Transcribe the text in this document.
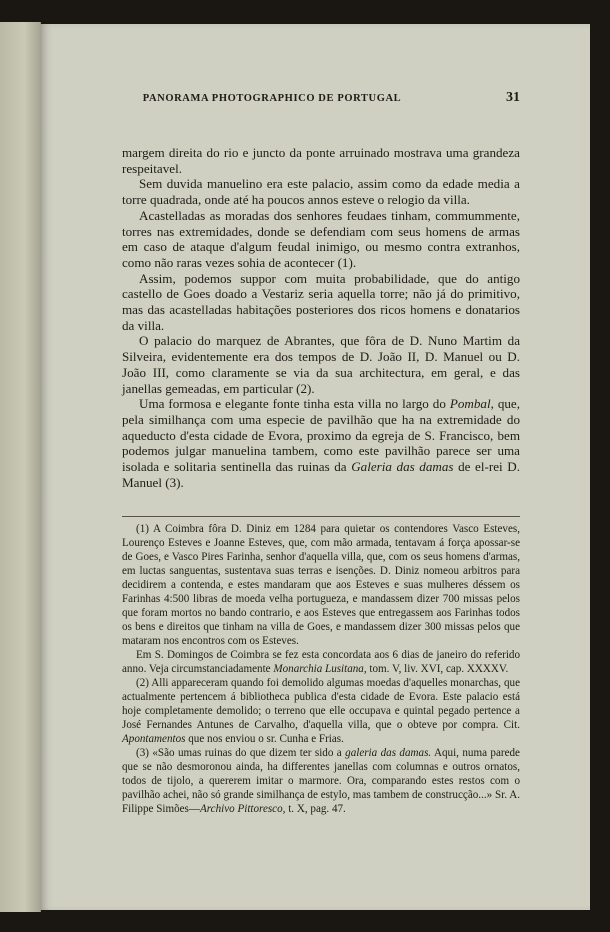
PANORAMA PHOTOGRAPHICO DE PORTUGAL	31

margem direita do rio e juncto da ponte arruinado mostrava uma grandeza respeitavel.

Sem duvida manuelino era este palacio, assim como da edade media a torre quadrada, onde até ha poucos annos esteve o relogio da villa.

Acastelladas as moradas dos senhores feudaes tinham, commummente, torres nas extremidades, donde se defendiam com seus homens de armas em caso de ataque d'algum feudal inimigo, ou mesmo contra extranhos, como não raras vezes sohia de acontecer (1).

Assim, podemos suppor com muita probabilidade, que do antigo castello de Goes doado a Vestariz seria aquella torre; não já do primitivo, mas das acastelladas habitações posteriores dos ricos homens e donatarios da villa.

O palacio do marquez de Abrantes, que fôra de D. Nuno Martim da Silveira, evidentemente era dos tempos de D. João II, D. Manuel ou D. João III, como claramente se via da sua architectura, em geral, e das janellas gemeadas, em particular (2).

Uma formosa e elegante fonte tinha esta villa no largo do Pombal, que, pela similhança com uma especie de pavilhão que ha na extremidade do aqueducto d'esta cidade de Evora, proximo da egreja de S. Francisco, bem podemos julgar manuelina tambem, como este pavilhão parece ser uma isolada e solitaria sentinella das ruinas da Galeria das damas de el-rei D. Manuel (3).

(1) A Coimbra fôra D. Diniz em 1284 para quietar os contendores Vasco Esteves, Lourenço Esteves e Joanne Esteves, que, com mão armada, tentavam á força apossar-se de Goes, e Vasco Pires Farinha, senhor d'aquella villa, que, com os seus homens d'armas, em luctas sanguentas, sustentava suas terras e isenções. D. Diniz nomeou arbitros para decidirem a contenda, e estes mandaram que aos Esteves e suas mulheres déssem os Farinhas 4:500 libras de moeda velha portugueza, e mandassem dizer 700 missas pelos que foram mortos no bando contrario, e aos Esteves que entregassem aos Farinhas todos os bens e direitos que tinham na villa de Goes, e mandassem dizer 300 missas pelos que mataram nos encontros com os Esteves.

Em S. Domingos de Coimbra se fez esta concordata aos 6 dias de janeiro do referido anno. Veja circumstanciadamente Monarchia Lusitana, tom. V, liv. XVI, cap. XXXXV.

(2) Alli appareceram quando foi demolido algumas moedas d'aquelles monarchas, que actualmente pertencem á bibliotheca publica d'esta cidade de Evora. Este palacio está hoje completamente demolido; o terreno que elle occupava e quintal pegado pertence a José Fernandes Antunes de Carvalho, d'aquella villa, que o obteve por compra. Cit. Apontamentos que nos enviou o sr. Cunha e Frias.

(3) «São umas ruinas do que dizem ter sido a galeria das damas. Aqui, numa parede que se não desmoronou ainda, ha differentes janellas com columnas e outros ornatos, todos de tijolo, a quererem imitar o marmore. Ora, comparando estes restos com o pavilhão achei, não só grande similhança de estylo, mas tambem de construcção...» Sr. A. Filippe Simões—Archivo Pittoresco, t. X, pag. 47.
